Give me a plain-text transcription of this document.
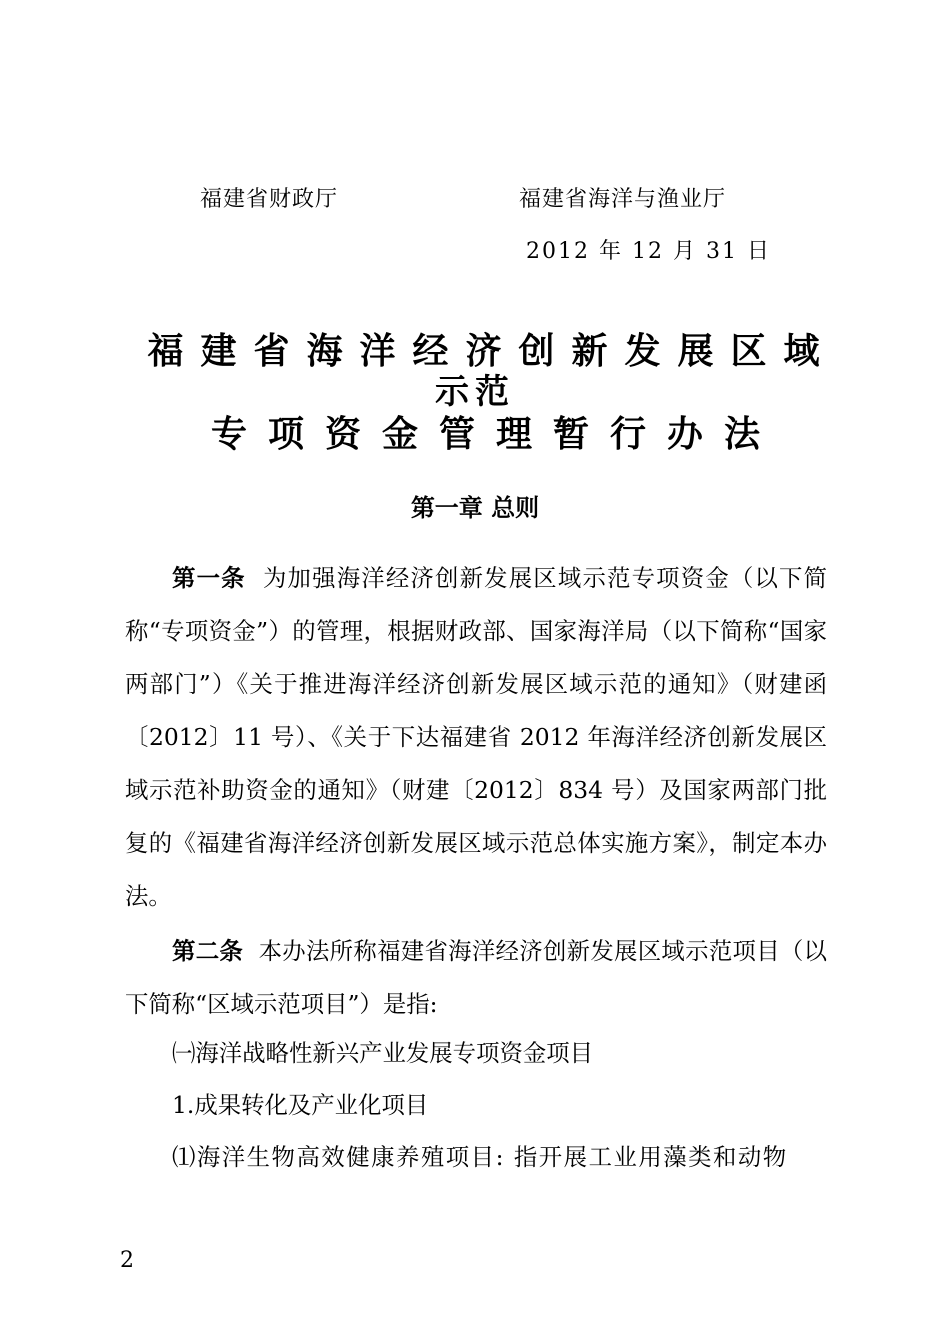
福建省财政厅	福建省海洋与渔业厅
2012 年 12 月 31 日
福建省海洋经济创新发展区域
示范
专项资金管理暂行办法
第一章 总则
第一条 为加强海洋经济创新发展区域示范专项资金（以下简称“专项资金”）的管理，根据财政部、国家海洋局（以下简称“国家两部门”）《关于推进海洋经济创新发展区域示范的通知》（财建函〔2012〕11 号）、《关于下达福建省 2012 年海洋经济创新发展区域示范补助资金的通知》（财建〔2012〕834 号）及国家两部门批复的《福建省海洋经济创新发展区域示范总体实施方案》，制定本办法。
第二条 本办法所称福建省海洋经济创新发展区域示范项目（以下简称“区域示范项目”）是指:
㈠海洋战略性新兴产业发展专项资金项目
1.成果转化及产业化项目
⑴海洋生物高效健康养殖项目: 指开展工业用藻类和动物
2
